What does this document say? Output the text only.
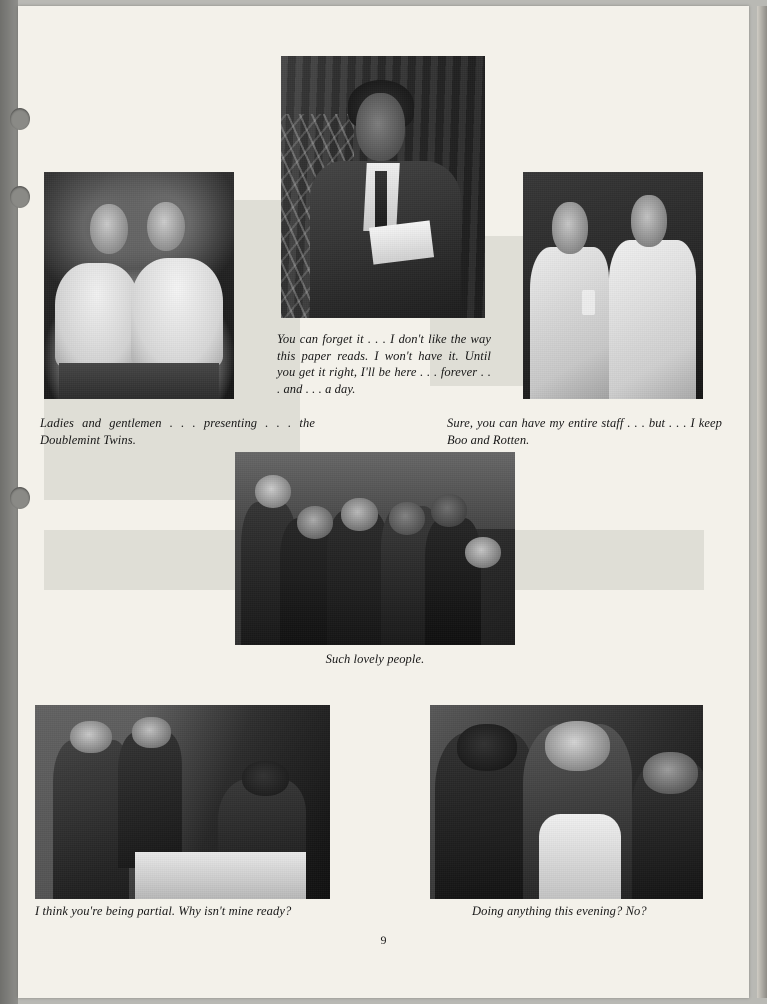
You can forget it . . . I don't like the way this paper reads. I won't have it. Until you get it right, I'll be here . . . forever . . . and . . . a day.
Ladies and gentlemen . . . presenting . . . the Doublemint Twins.
Sure, you can have my entire staff . . . but . . . I keep Boo and Rotten.
Such lovely people.
I think you're being partial. Why isn't mine ready?	Doing anything this evening? No?
9
